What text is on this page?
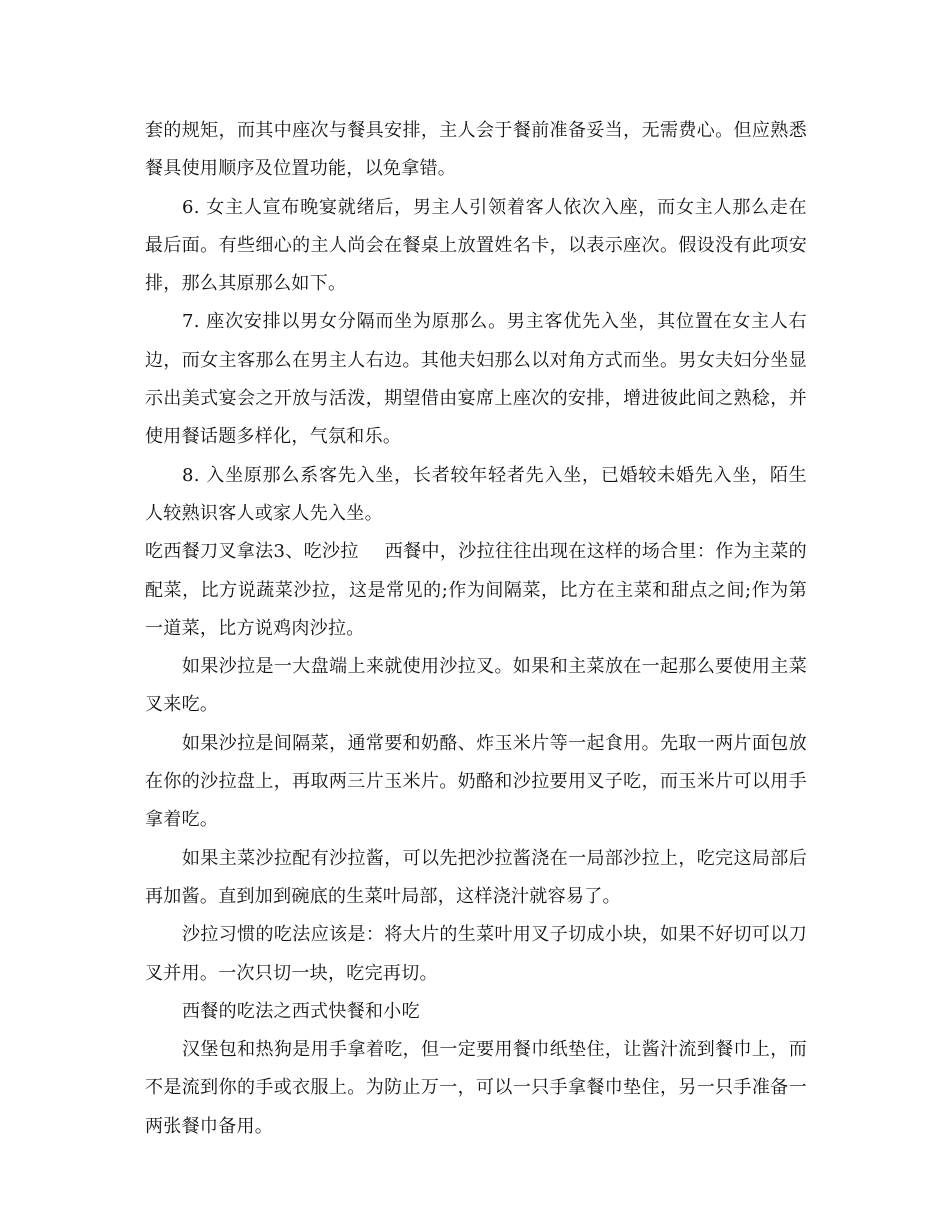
套的规矩，而其中座次与餐具安排，主人会于餐前准备妥当，无需费心。但应熟悉餐具使用顺序及位置功能，以免拿错。

6. 女主人宣布晚宴就绪后，男主人引领着客人依次入座，而女主人那么走在最后面。有些细心的主人尚会在餐桌上放置姓名卡，以表示座次。假设没有此项安排，那么其原那么如下。

7. 座次安排以男女分隔而坐为原那么。男主客优先入坐，其位置在女主人右边，而女主客那么在男主人右边。其他夫妇那么以对角方式而坐。男女夫妇分坐显示出美式宴会之开放与活泼，期望借由宴席上座次的安排，增进彼此间之熟稔，并使用餐话题多样化，气氛和乐。

8. 入坐原那么系客先入坐，长者较年轻者先入坐，已婚较未婚先入坐，陌生人较熟识客人或家人先入坐。

吃西餐刀叉拿法3、吃沙拉 西餐中，沙拉往往出现在这样的场合里：作为主菜的配菜，比方说蔬菜沙拉，这是常见的;作为间隔菜，比方在主菜和甜点之间;作为第一道菜，比方说鸡肉沙拉。

如果沙拉是一大盘端上来就使用沙拉叉。如果和主菜放在一起那么要使用主菜叉来吃。

如果沙拉是间隔菜，通常要和奶酪、炸玉米片等一起食用。先取一两片面包放在你的沙拉盘上，再取两三片玉米片。奶酪和沙拉要用叉子吃，而玉米片可以用手拿着吃。

如果主菜沙拉配有沙拉酱，可以先把沙拉酱浇在一局部沙拉上，吃完这局部后再加酱。直到加到碗底的生菜叶局部，这样浇汁就容易了。

沙拉习惯的吃法应该是：将大片的生菜叶用叉子切成小块，如果不好切可以刀叉并用。一次只切一块，吃完再切。

西餐的吃法之西式快餐和小吃

汉堡包和热狗是用手拿着吃，但一定要用餐巾纸垫住，让酱汁流到餐巾上，而不是流到你的手或衣服上。为防止万一，可以一只手拿餐巾垫住，另一只手准备一两张餐巾备用。
